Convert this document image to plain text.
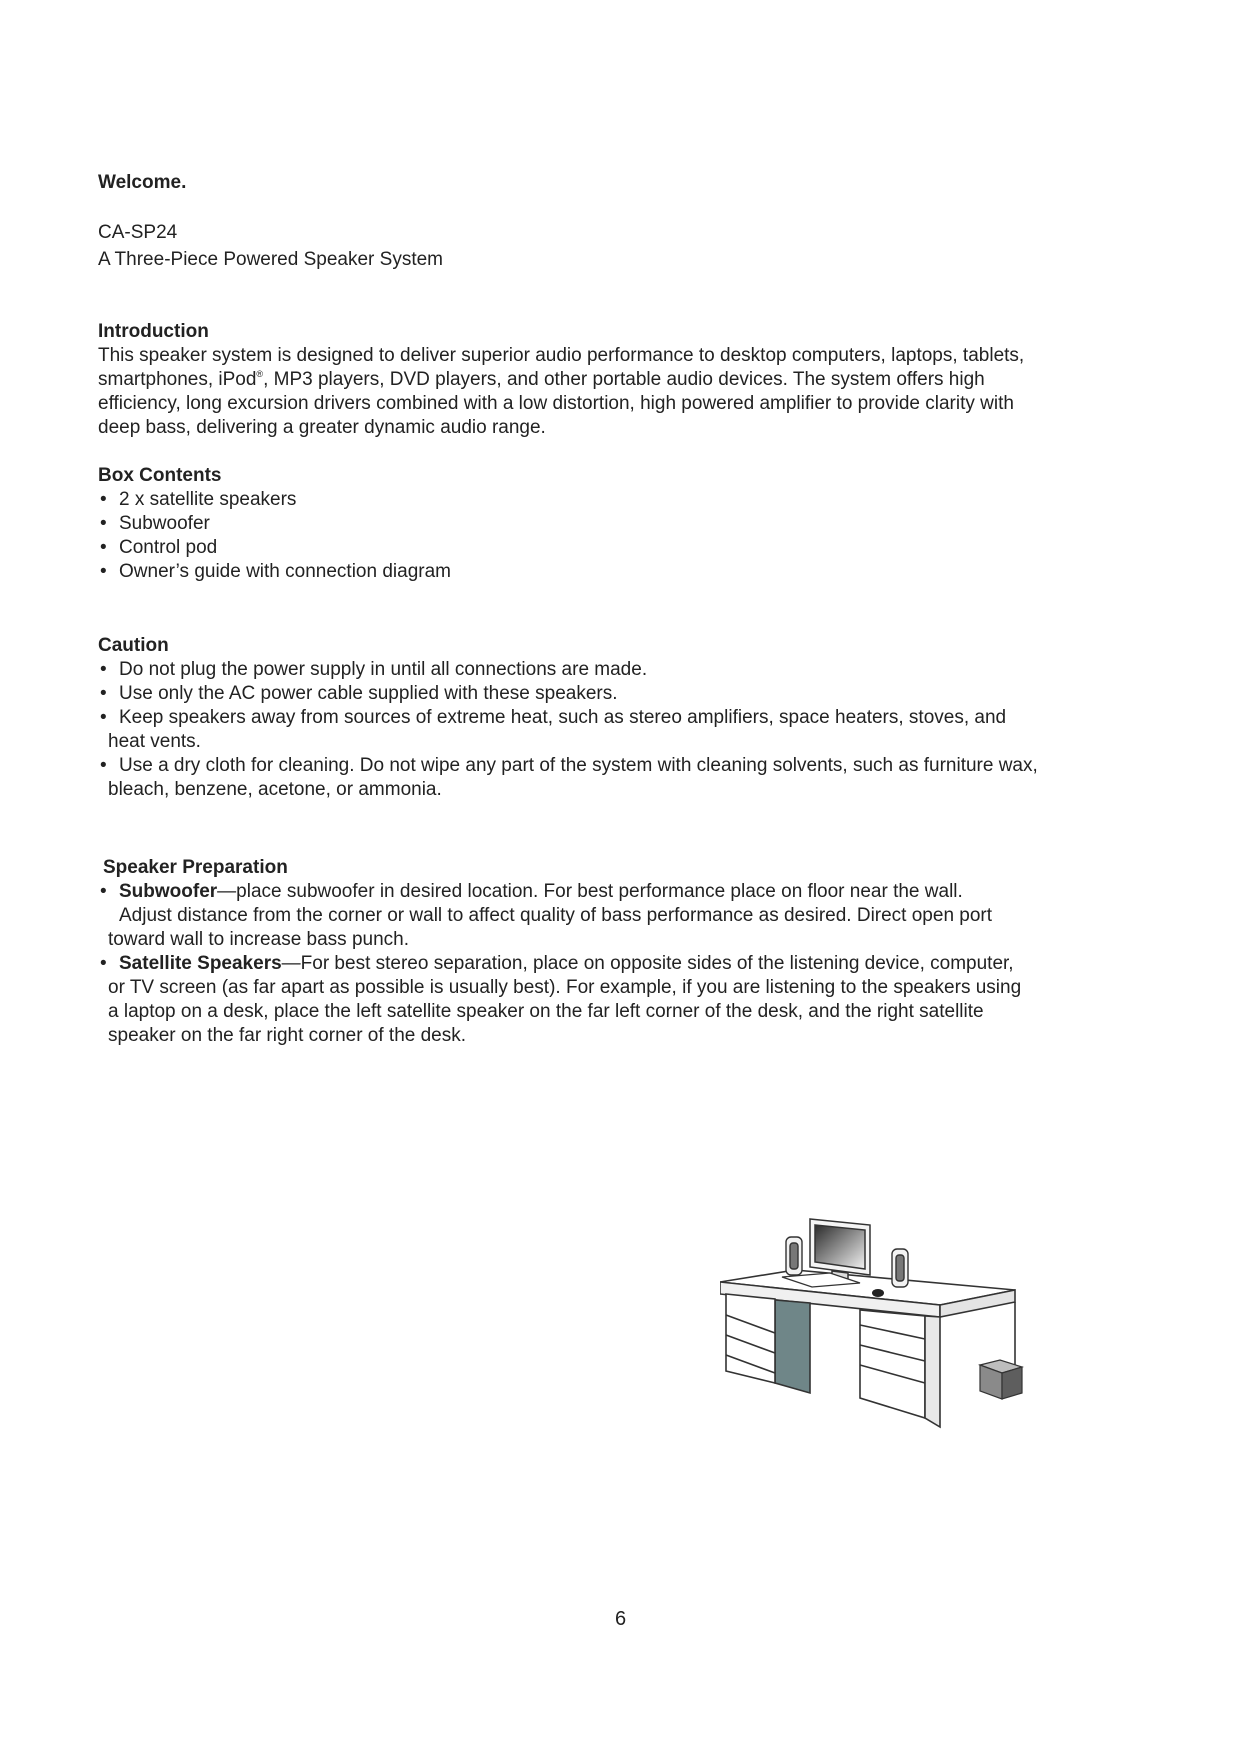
Welcome.
CA-SP24
A Three-Piece Powered Speaker System

Introduction

This speaker system is designed to deliver superior audio performance to desktop computers, laptops, tablets,

smartphones, iPod®, MP3 players, DVD players, and other portable audio devices. The system offers high

efficiency, long excursion drivers combined with a low distortion, high powered amplifier to provide clarity with

deep bass, delivering a greater dynamic audio range.

Box Contents

• 2 x satellite speakers
• Subwoofer
• Control pod
• Owner’s guide with connection diagram

Caution

• Do not plug the power supply in until all connections are made.
• Use only the AC power cable supplied with these speakers.
• Keep speakers away from sources of extreme heat, such as stereo amplifiers, space heaters, stoves, and
heat vents.
• Use a dry cloth for cleaning. Do not wipe any part of the system with cleaning solvents, such as furniture wax,
bleach, benzene, acetone, or ammonia.

Speaker Preparation

• Subwoofer—place subwoofer in desired location. For best performance place on floor near the wall.
Adjust distance from the corner or wall to affect quality of bass performance as desired. Direct open port
toward wall to increase bass punch.
• Satellite Speakers—For best stereo separation, place on opposite sides of the listening device, computer,
or TV screen (as far apart as possible is usually best). For example, if you are listening to the speakers using
a laptop on a desk, place the left satellite speaker on the far left corner of the desk, and the right satellite
speaker on the far right corner of the desk.
6
